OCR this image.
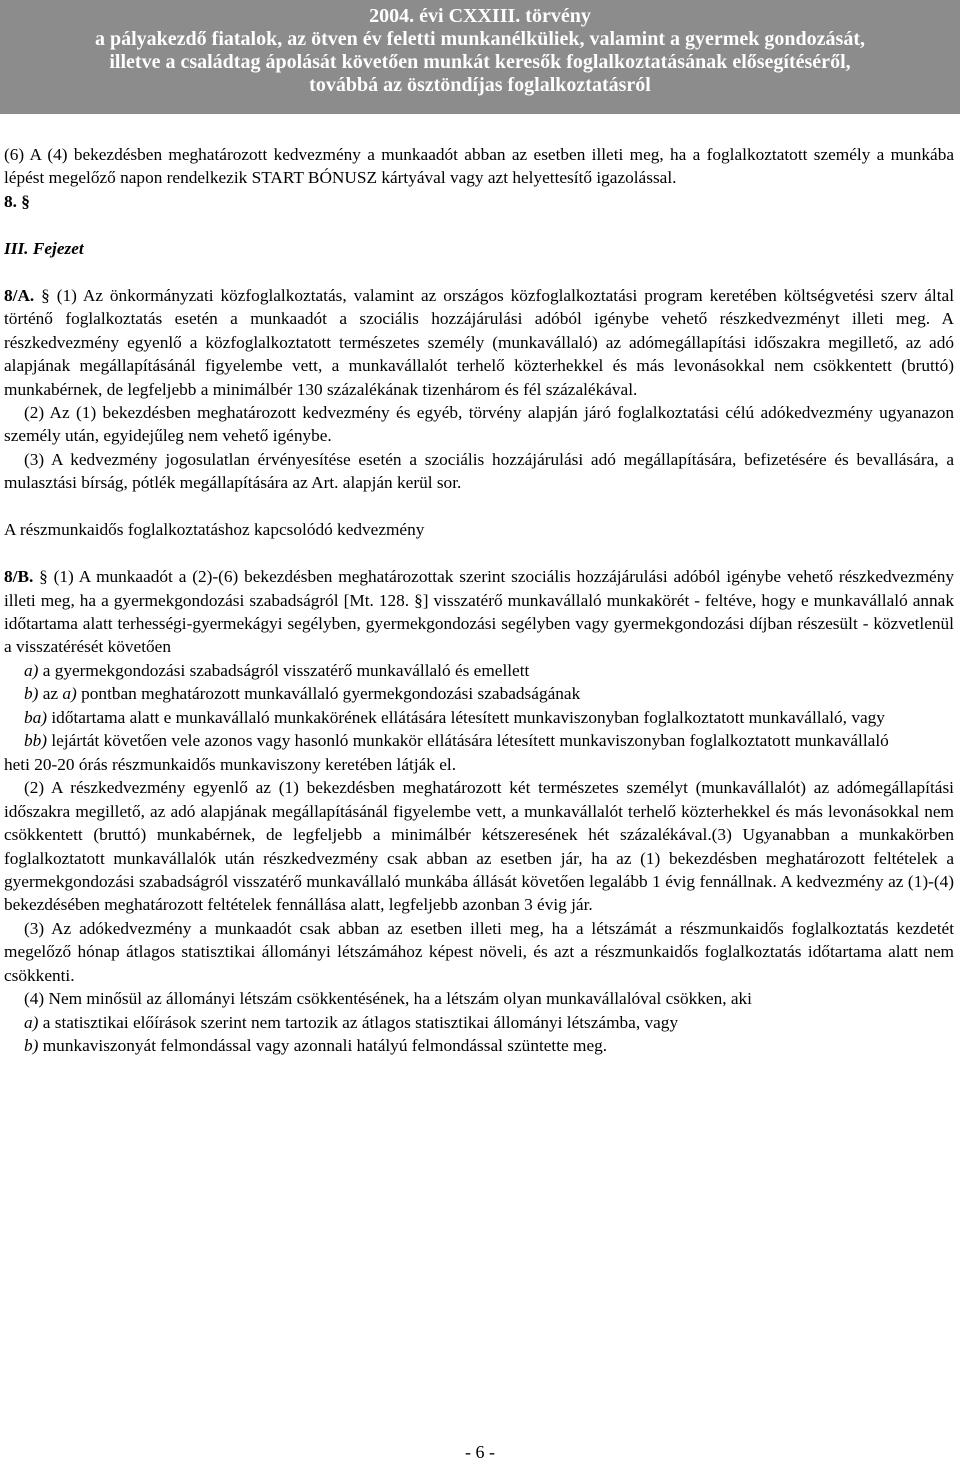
2004. évi CXXIII. törvény
a pályakezdő fiatalok, az ötven év feletti munkanélküliek, valamint a gyermek gondozását,
illetve a családtag ápolását követően munkát keresők foglalkoztatásának elősegítéséről,
továbbá az ösztöndíjas foglalkoztatásról

(6) A (4) bekezdésben meghatározott kedvezmény a munkaadót abban az esetben illeti meg, ha a foglalkoztatott személy a munkába lépést megelőző napon rendelkezik START BÓNUSZ kártyával vagy azt helyettesítő igazolással.

8. §

III. Fejezet

8/A. § (1) Az önkormányzati közfoglalkoztatás, valamint az országos közfoglalkoztatási program keretében költségvetési szerv által történő foglalkoztatás esetén a munkaadót a szociális hozzájárulási adóból igénybe vehető részkedvezményt illeti meg. A részkedvezmény egyenlő a közfoglalkoztatott természetes személy (munkavállaló) az adómegállapítási időszakra megillető, az adó alapjának megállapításánál figyelembe vett, a munkavállalót terhelő közterhekkel és más levonásokkal nem csökkentett (bruttó) munkabérnek, de legfeljebb a minimálbér 130 százalékának tizenhárom és fél százalékával.

(2) Az (1) bekezdésben meghatározott kedvezmény és egyéb, törvény alapján járó foglalkoztatási célú adókedvezmény ugyanazon személy után, egyidejűleg nem vehető igénybe.

(3) A kedvezmény jogosulatlan érvényesítése esetén a szociális hozzájárulási adó megállapítására, befizetésére és bevallására, a mulasztási bírság, pótlék megállapítására az Art. alapján kerül sor.

A részmunkaidős foglalkoztatáshoz kapcsolódó kedvezmény

8/B. § (1) A munkaadót a (2)-(6) bekezdésben meghatározottak szerint szociális hozzájárulási adóból igénybe vehető részkedvezmény illeti meg, ha a gyermekgondozási szabadságról [Mt. 128. §] visszatérő munkavállaló munkakörét - feltéve, hogy e munkavállaló annak időtartama alatt terhességi-gyermekágyi segélyben, gyermekgondozási segélyben vagy gyermekgondozási díjban részesült - közvetlenül a visszatérését követően

a) a gyermekgondozási szabadságról visszatérő munkavállaló és emellett

b) az a) pontban meghatározott munkavállaló gyermekgondozási szabadságának

ba) időtartama alatt e munkavállaló munkakörének ellátására létesített munkaviszonyban foglalkoztatott munkavállaló, vagy

bb) lejártát követően vele azonos vagy hasonló munkakör ellátására létesített munkaviszonyban foglalkoztatott munkavállaló

heti 20-20 órás részmunkaidős munkaviszony keretében látják el.

(2) A részkedvezmény egyenlő az (1) bekezdésben meghatározott két természetes személyt (munkavállalót) az adómegállapítási időszakra megillető, az adó alapjának megállapításánál figyelembe vett, a munkavállalót terhelő közterhekkel és más levonásokkal nem csökkentett (bruttó) munkabérnek, de legfeljebb a minimálbér kétszeresének hét százalékával.(3) Ugyanabban a munkakörben foglalkoztatott munkavállalók után részkedvezmény csak abban az esetben jár, ha az (1) bekezdésben meghatározott feltételek a gyermekgondozási szabadságról visszatérő munkavállaló munkába állását követően legalább 1 évig fennállnak. A kedvezmény az (1)-(4) bekezdésében meghatározott feltételek fennállása alatt, legfeljebb azonban 3 évig jár.

(3) Az adókedvezmény a munkaadót csak abban az esetben illeti meg, ha a létszámát a részmunkaidős foglalkoztatás kezdetét megelőző hónap átlagos statisztikai állományi létszámához képest növeli, és azt a részmunkaidős foglalkoztatás időtartama alatt nem csökkenti.

(4) Nem minősül az állományi létszám csökkentésének, ha a létszám olyan munkavállalóval csökken, aki

a) a statisztikai előírások szerint nem tartozik az átlagos statisztikai állományi létszámba, vagy

b) munkaviszonyát felmondással vagy azonnali hatályú felmondással szüntette meg.

- 6 -
